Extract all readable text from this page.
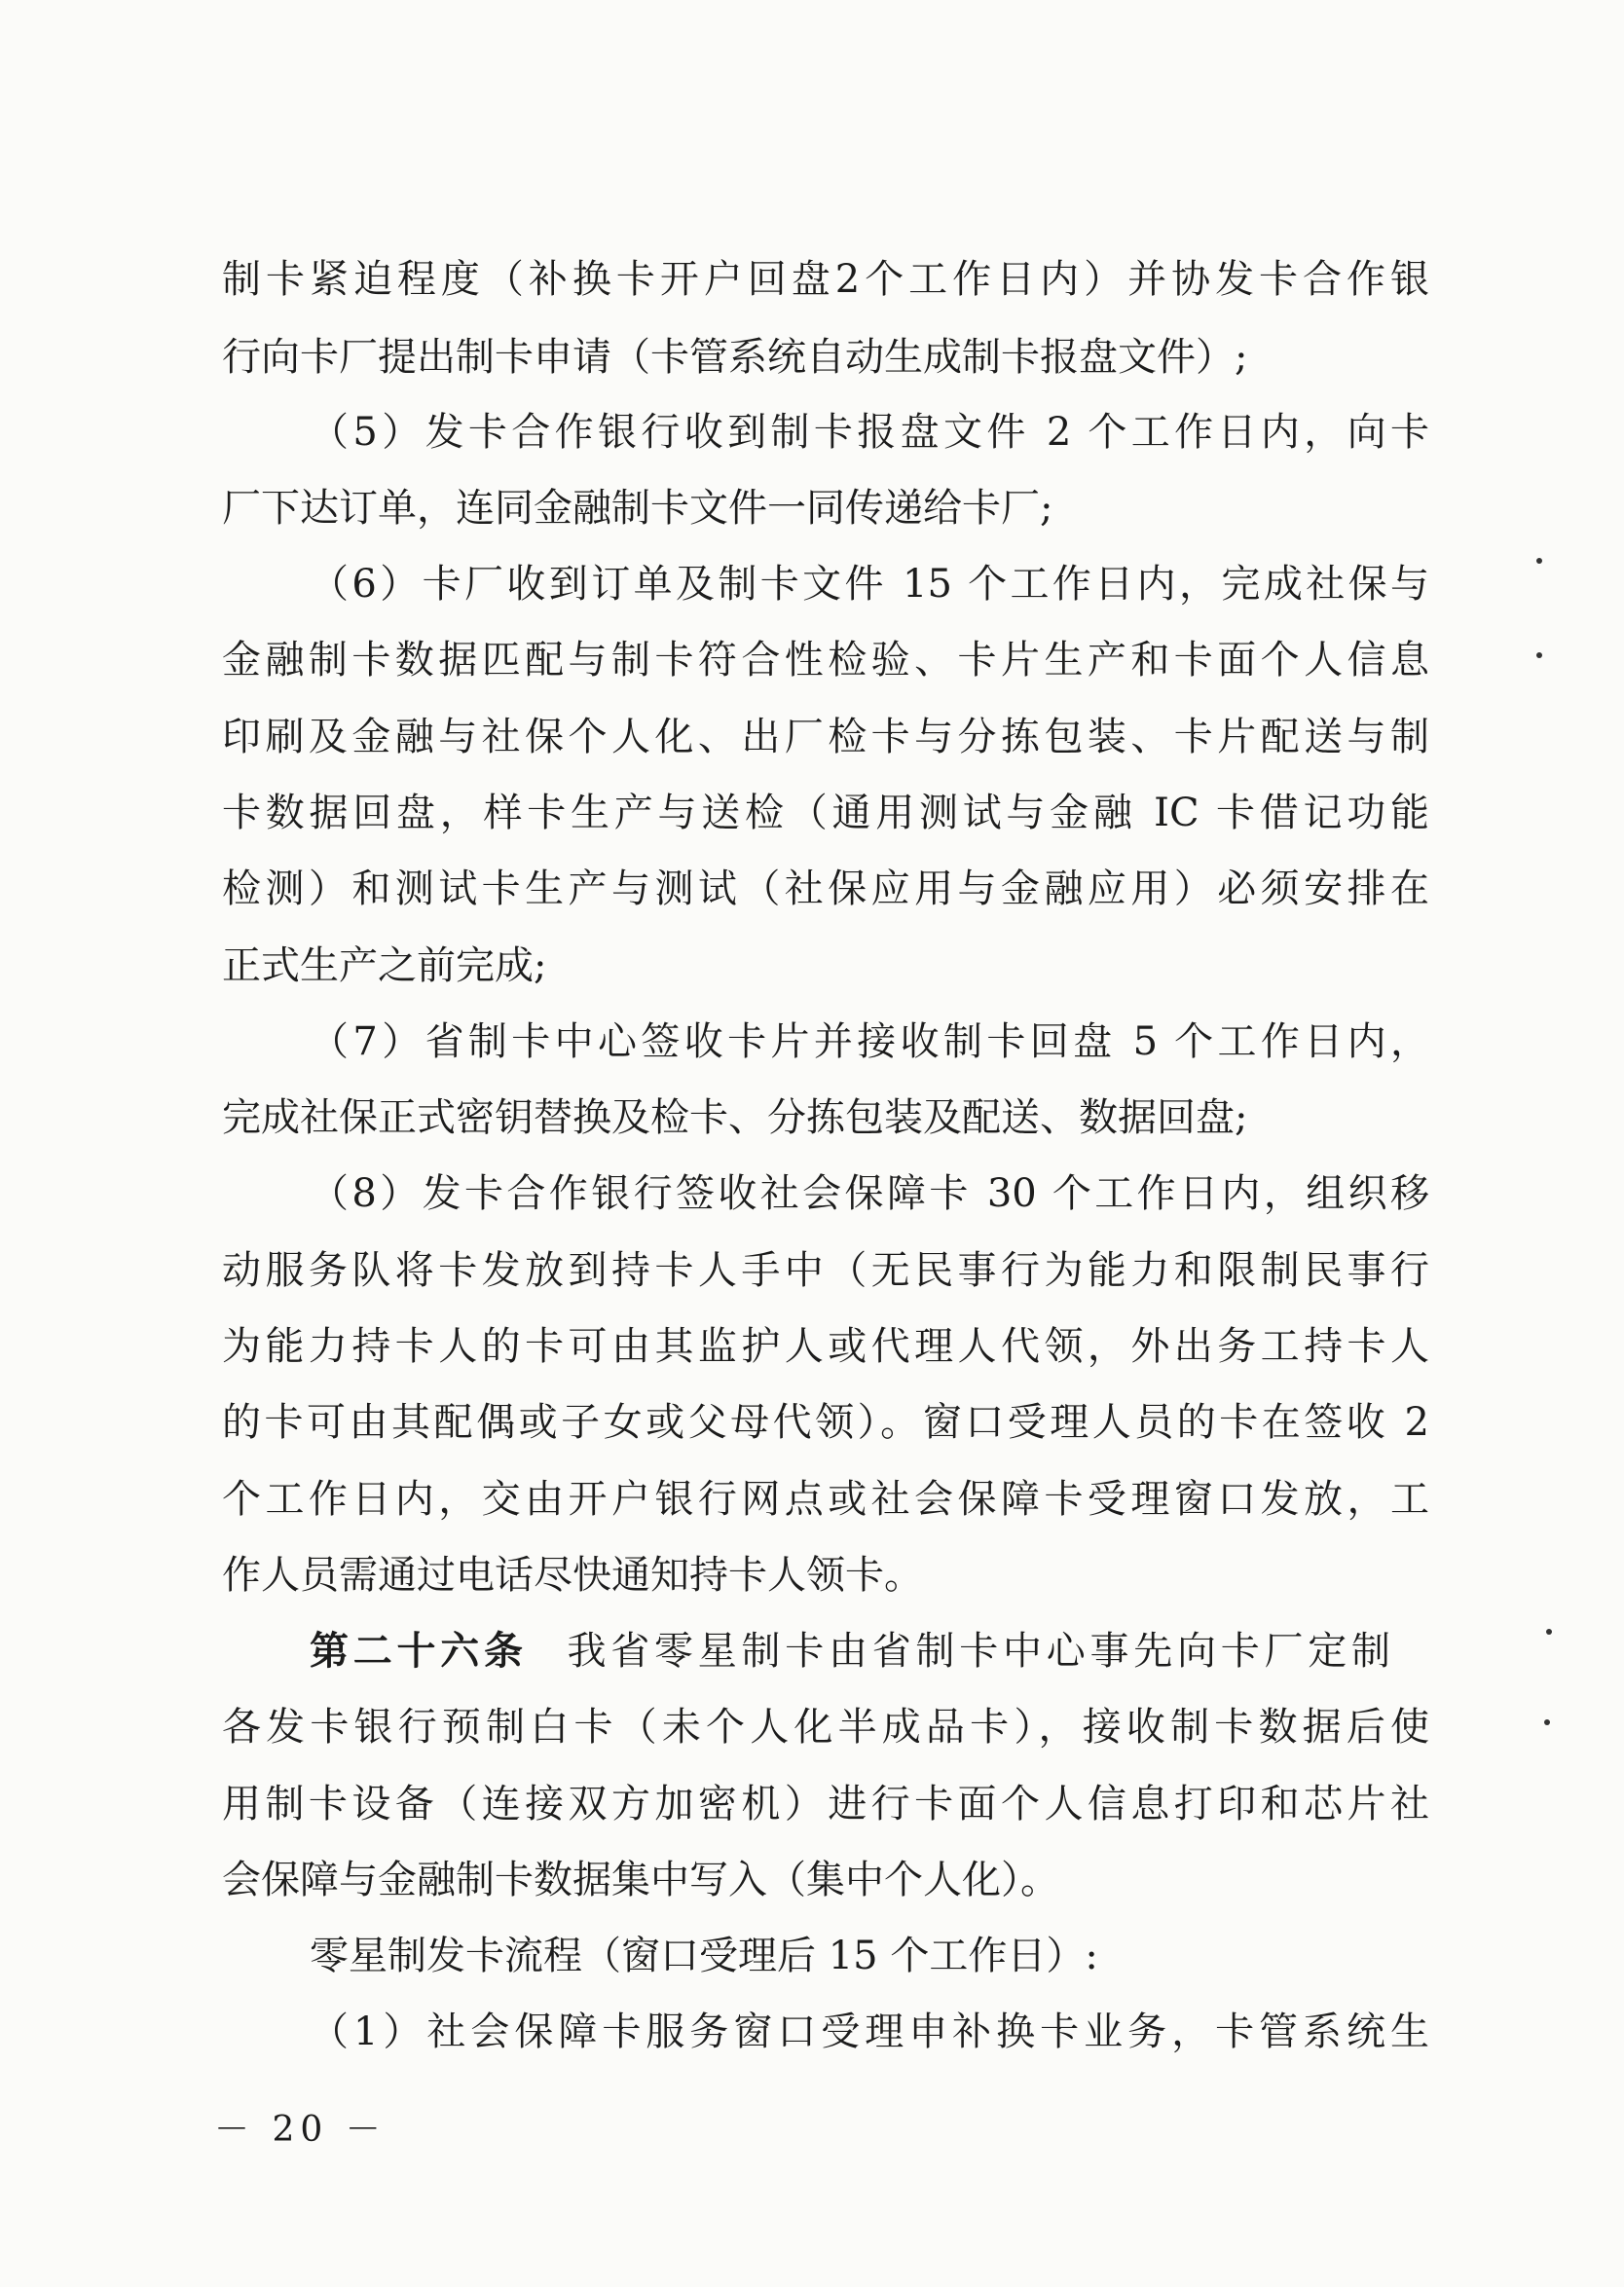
制卡紧迫程度（补换卡开户回盘2个工作日内）并协发卡合作银
行向卡厂提出制卡申请（卡管系统自动生成制卡报盘文件）;
（5）发卡合作银行收到制卡报盘文件 2 个工作日内，向卡
厂下达订单，连同金融制卡文件一同传递给卡厂;
（6）卡厂收到订单及制卡文件 15 个工作日内，完成社保与
金融制卡数据匹配与制卡符合性检验、卡片生产和卡面个人信息
印刷及金融与社保个人化、出厂检卡与分拣包装、卡片配送与制
卡数据回盘，样卡生产与送检（通用测试与金融 IC 卡借记功能
检测）和测试卡生产与测试（社保应用与金融应用）必须安排在
正式生产之前完成;
（7）省制卡中心签收卡片并接收制卡回盘 5 个工作日内，
完成社保正式密钥替换及检卡、分拣包装及配送、数据回盘;
（8）发卡合作银行签收社会保障卡 30 个工作日内，组织移
动服务队将卡发放到持卡人手中（无民事行为能力和限制民事行
为能力持卡人的卡可由其监护人或代理人代领，外出务工持卡人
的卡可由其配偶或子女或父母代领）。窗口受理人员的卡在签收 2
个工作日内，交由开户银行网点或社会保障卡受理窗口发放，工
作人员需通过电话尽快通知持卡人领卡。
第二十六条 我省零星制卡由省制卡中心事先向卡厂定制
各发卡银行预制白卡（未个人化半成品卡），接收制卡数据后使
用制卡设备（连接双方加密机）进行卡面个人信息打印和芯片社
会保障与金融制卡数据集中写入（集中个人化）。
零星制发卡流程（窗口受理后 15 个工作日）:
（1）社会保障卡服务窗口受理申补换卡业务，卡管系统生
－ 20 －
